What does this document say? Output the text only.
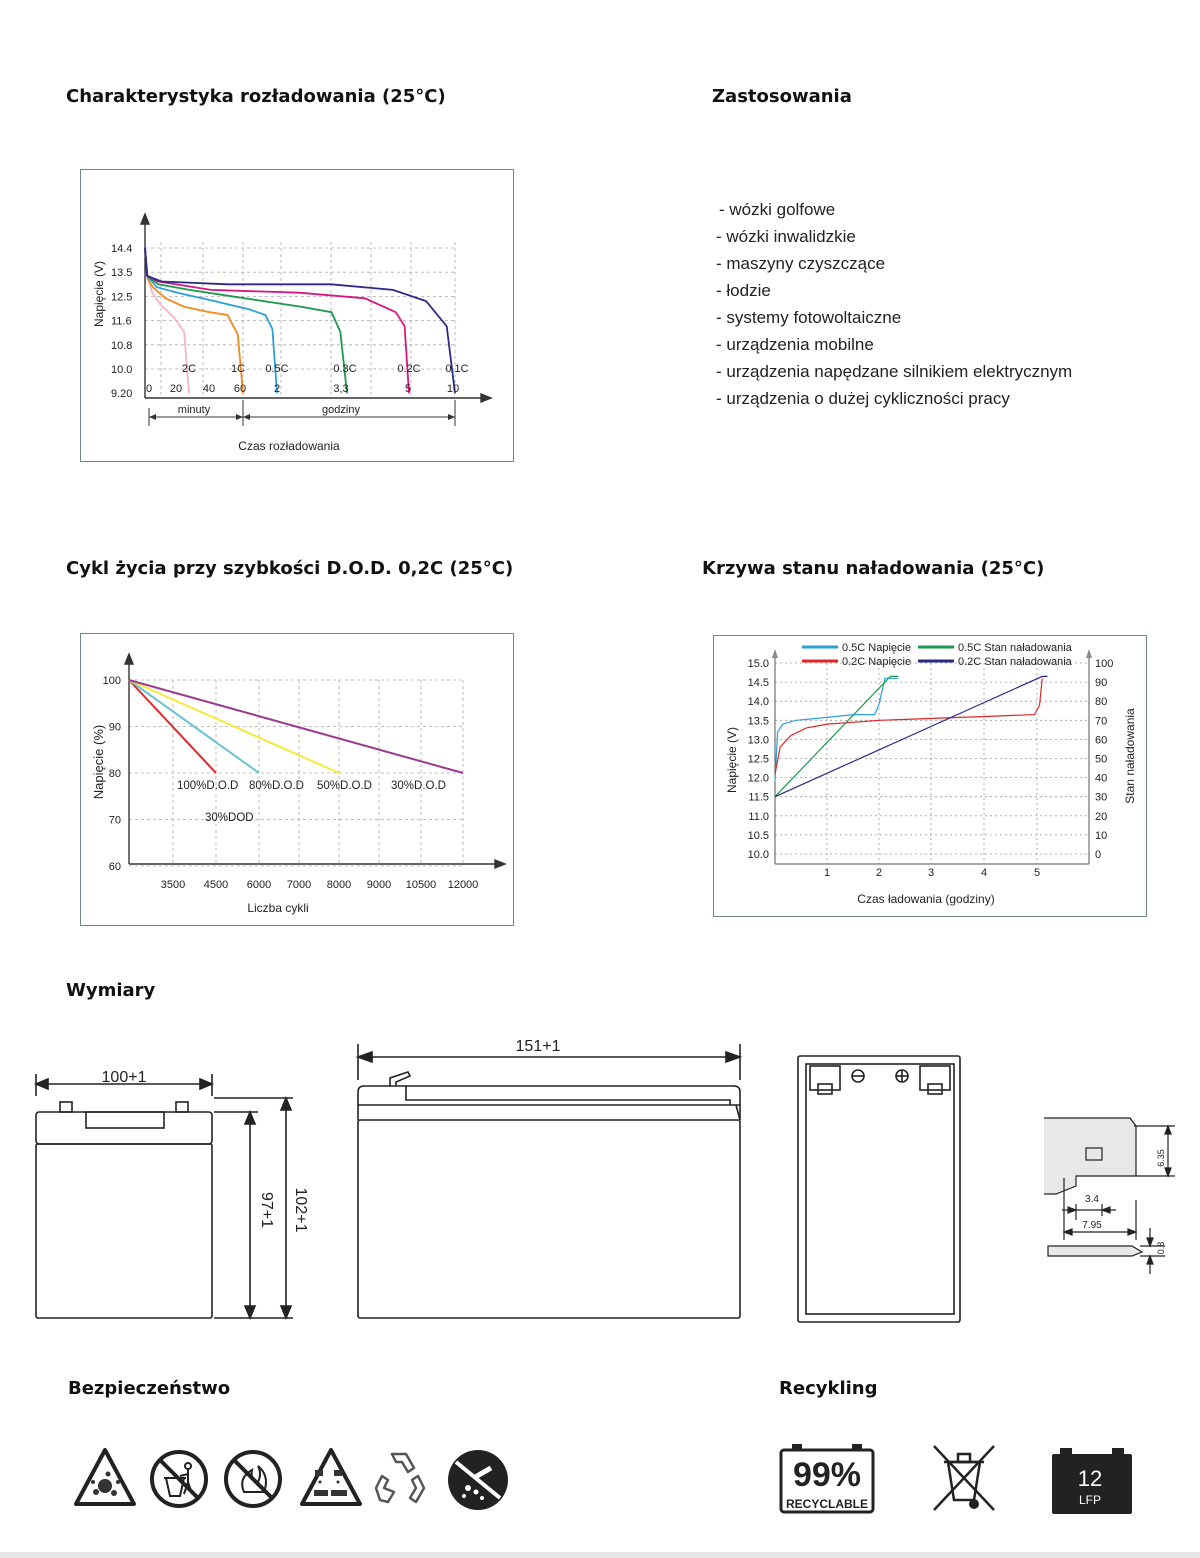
Charakterystyka rozładowania (25°C)	Zastosowania
Cykl życia przy szybkości D.O.D. 0,2C (25°C)	Krzywa stanu naładowania (25°C)
Wymiary
Bezpieczeństwo	Recykling
- wózki golfowe
- wózki inwalidzkie
- maszyny czyszczące
- łodzie
- systemy fotowoltaiczne
- urządzenia mobilne
- urządzenia napędzane silnikiem elektrycznym
- urządzenia o dużej cykliczności pracy
14.4
13.5
12.5
11.6
10.8
10.0
9.20 0 20 40 60	2	3,3	5	10
2C	1C 0.5C	0.3C	0.2C 0.1C
Napięcie (V)
Czas rozładowania
minuty	godziny
100
90
80
70
60
3500 4500 6000 7000 8000 9000 10500 12000
100%D.O.D 80%D.O.D 50%D.O.D 30%D.O.D
30%DOD
Napięcie (%)
Liczba cykli
15.0
14.5
14.0
13.5
13.0
12.5
12.0
11.5
11.0
10.5
10.0
100
90
80
70
60
50
40
30
20
10
0
1	2	3	4	5
0.5C Napięcie	0.5C Stan naładowania
0.2C Napięcie	0.2C Stan naładowania
Napięcie (V)	Stan naładowania
Czas ładowania (godziny)
100+1
97+1 102+1
151+1
6.35
3.4
7.95
0.8
99%
RECYCLABLE
12
LFP
